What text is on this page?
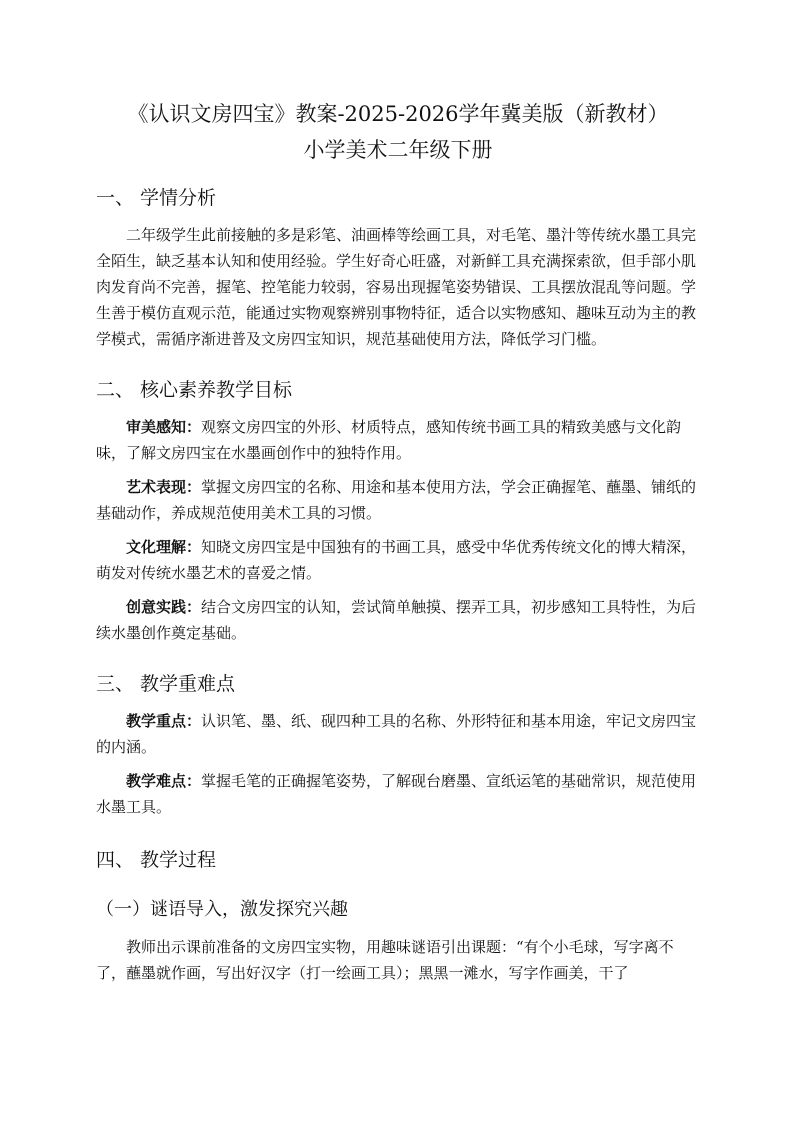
《认识文房四宝》教案-2025-2026学年冀美版（新教材）
小学美术二年级下册
一、 学情分析

二年级学生此前接触的多是彩笔、油画棒等绘画工具，对毛笔、墨汁等传统水墨工具完全陌生，缺乏基本认知和使用经验。学生好奇心旺盛，对新鲜工具充满探索欲，但手部小肌肉发育尚不完善，握笔、控笔能力较弱，容易出现握笔姿势错误、工具摆放混乱等问题。学生善于模仿直观示范，能通过实物观察辨别事物特征，适合以实物感知、趣味互动为主的教学模式，需循序渐进普及文房四宝知识，规范基础使用方法，降低学习门槛。

二、 核心素养教学目标

审美感知：观察文房四宝的外形、材质特点，感知传统书画工具的精致美感与文化韵味，了解文房四宝在水墨画创作中的独特作用。

艺术表现：掌握文房四宝的名称、用途和基本使用方法，学会正确握笔、蘸墨、铺纸的基础动作，养成规范使用美术工具的习惯。

文化理解：知晓文房四宝是中国独有的书画工具，感受中华优秀传统文化的博大精深，萌发对传统水墨艺术的喜爱之情。

创意实践：结合文房四宝的认知，尝试简单触摸、摆弄工具，初步感知工具特性，为后续水墨创作奠定基础。

三、 教学重难点

教学重点：认识笔、墨、纸、砚四种工具的名称、外形特征和基本用途，牢记文房四宝的内涵。

教学难点：掌握毛笔的正确握笔姿势，了解砚台磨墨、宣纸运笔的基础常识，规范使用水墨工具。

四、 教学过程
（一）谜语导入，激发探究兴趣

教师出示课前准备的文房四宝实物，用趣味谜语引出课题：“有个小毛球，写字离不了，蘸墨就作画，写出好汉字（打一绘画工具）；黑黑一滩水，写字作画美，干了
